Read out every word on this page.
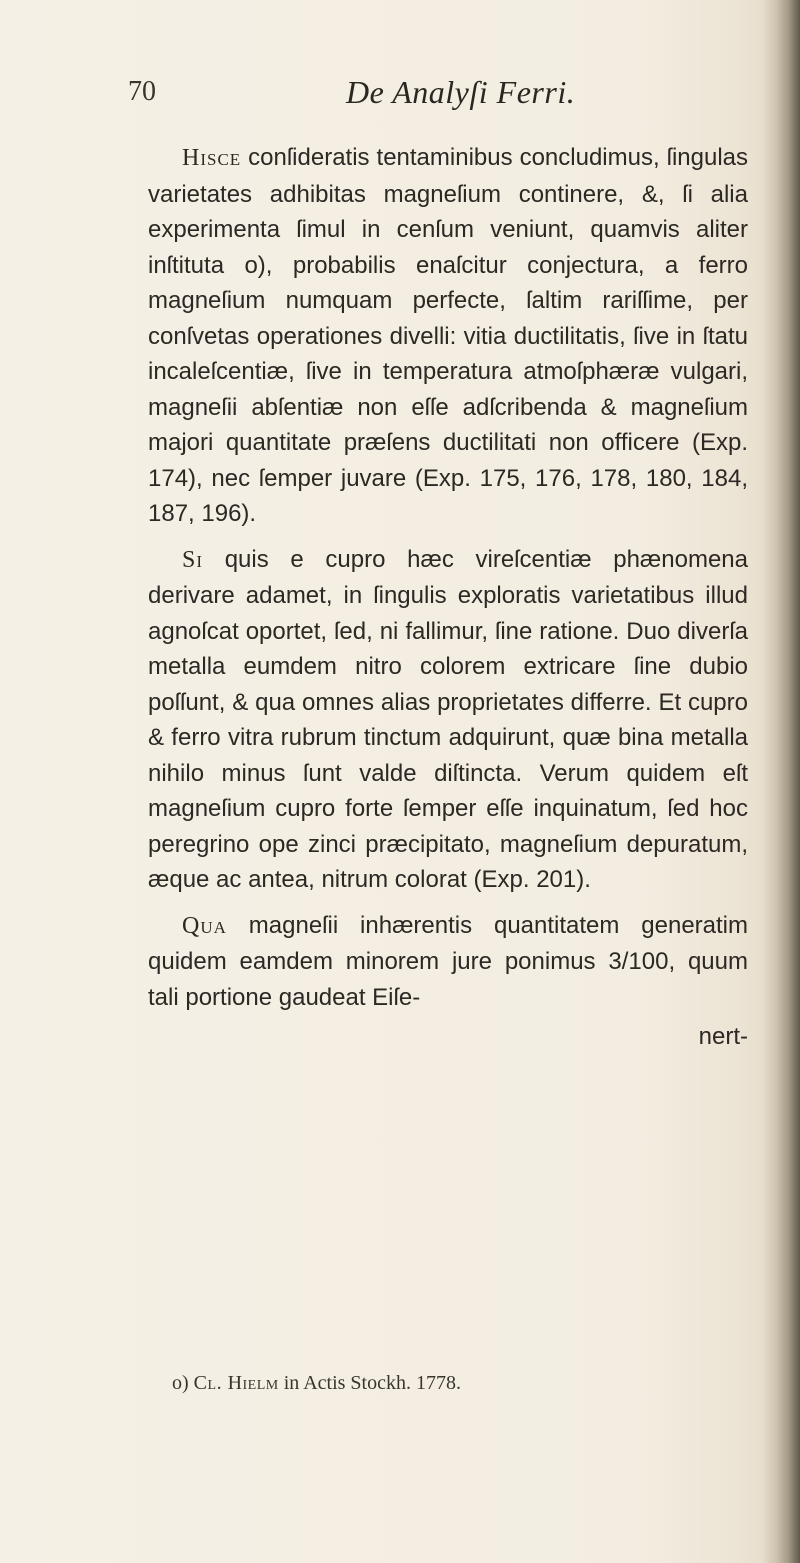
70	De Analyſi Ferri.

Hisce conſideratis tentaminibus concludimus, ſingulas varietates adhibitas magneſium continere, &, ſi alia experimenta ſimul in cenſum veniunt, quamvis aliter inſtituta o), probabilis enaſcitur conjectura, a ferro magneſium numquam perfecte, ſaltim rariſſime, per conſvetas operationes divelli: vitia ductilitatis, ſive in ſtatu incaleſcentiæ, ſive in temperatura atmoſphæræ vulgari, magneſii abſentiæ non eſſe adſcribenda & magneſium majori quantitate præſens ductilitati non officere (Exp. 174), nec ſemper juvare (Exp. 175, 176, 178, 180, 184, 187, 196).

Si quis e cupro hæc vireſcentiæ phænomena derivare adamet, in ſingulis exploratis varietatibus illud agnoſcat oportet, ſed, ni fallimur, ſine ratione. Duo diverſa metalla eumdem nitro colorem extricare ſine dubio poſſunt, & qua omnes alias proprietates differre. Et cupro & ferro vitra rubrum tinctum adquirunt, quæ bina metalla nihilo minus ſunt valde diſtincta. Verum quidem eſt magneſium cupro forte ſemper eſſe inquinatum, ſed hoc peregrino ope zinci præcipitato, magneſium depuratum, æque ac antea, nitrum colorat (Exp. 201).

Qua magneſii inhærentis quantitatem generatim quidem eamdem minorem jure ponimus 3/100, quum tali portione gaudeat Eiſe-

nert-
o) Cl. Hielm in Actis Stockh. 1778.
